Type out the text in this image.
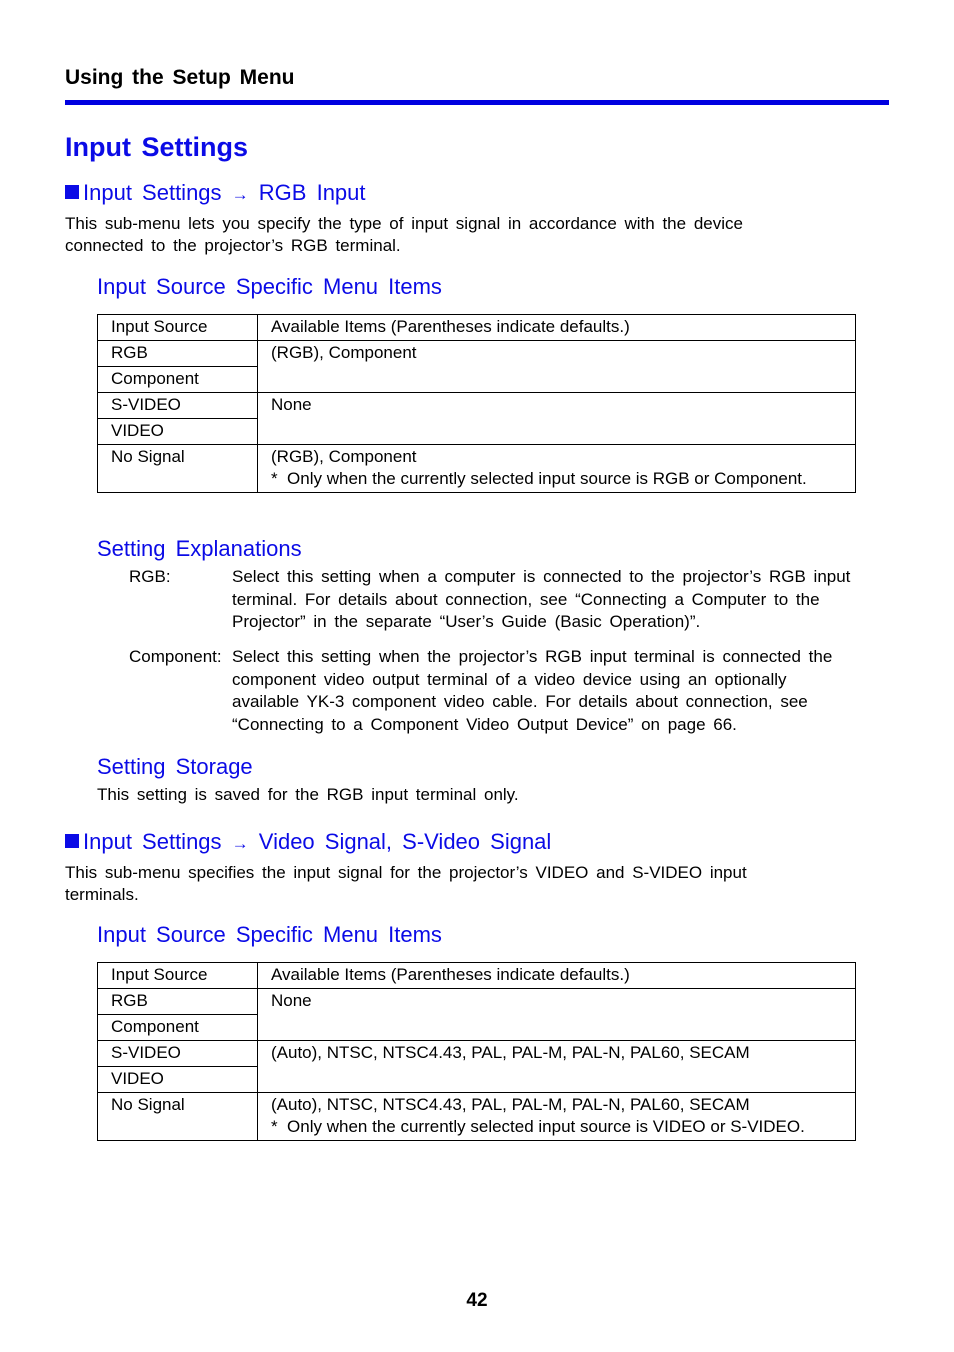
Using the Setup Menu
Input Settings
Input Settings → RGB Input
This sub-menu lets you specify the type of input signal in accordance with the device connected to the projector’s RGB terminal.
Input Source Specific Menu Items
Input Source	Available Items (Parentheses indicate defaults.)
RGB	(RGB), Component
Component	
S-VIDEO	None
VIDEO	
No Signal	(RGB), Component
*  Only when the currently selected input source is RGB or Component.
Setting Explanations
RGB:	Select this setting when a computer is connected to the projector’s RGB input terminal. For details about connection, see “Connecting a Computer to the Projector” in the separate “User’s Guide (Basic Operation)”.
Component: Select this setting when the projector’s RGB input terminal is connected the component video output terminal of a video device using an optionally available YK-3 component video cable. For details about connection, see “Connecting to a Component Video Output Device” on page 66.
Setting Storage
This setting is saved for the RGB input terminal only.
Input Settings → Video Signal, S-Video Signal
This sub-menu specifies the input signal for the projector’s VIDEO and S-VIDEO input terminals.
Input Source Specific Menu Items
Input Source	Available Items (Parentheses indicate defaults.)
RGB	None
Component	
S-VIDEO	(Auto), NTSC, NTSC4.43, PAL, PAL-M, PAL-N, PAL60, SECAM
VIDEO	
No Signal	(Auto), NTSC, NTSC4.43, PAL, PAL-M, PAL-N, PAL60, SECAM
*  Only when the currently selected input source is VIDEO or S-VIDEO.
42
